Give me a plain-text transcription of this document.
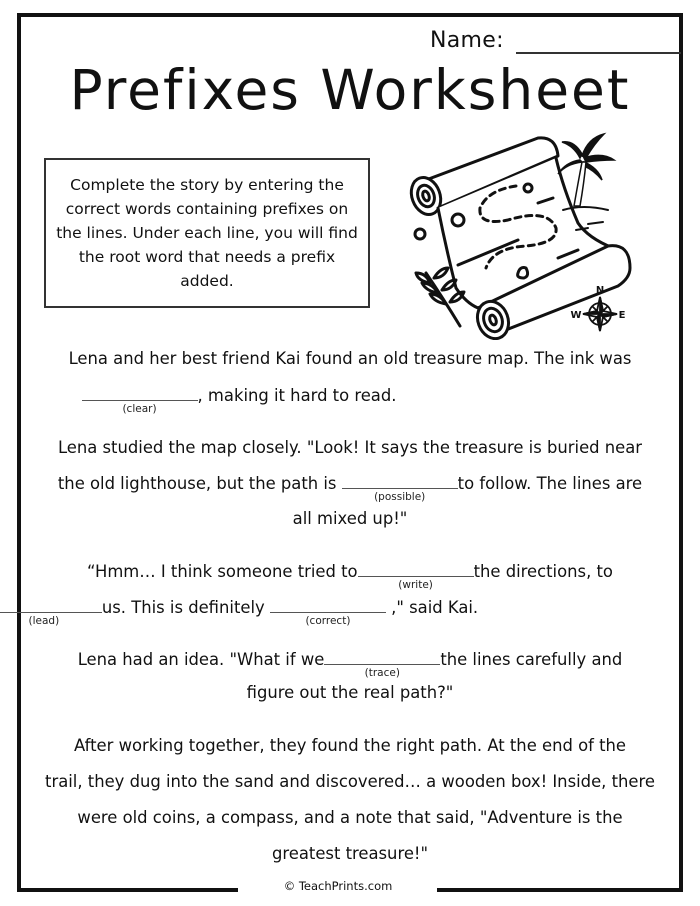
Name:
Prefixes Worksheet
Complete the story by entering the correct words containing prefixes on the lines. Under each line, you will find the root word that needs a prefix added.
N
E
W
Lena and her best friend Kai found an old treasure map. The ink was
(clear)
, making it hard to read.
Lena studied the map closely. "Look! It says the treasure is buried near
the old lighthouse, but the path is
(possible)
to follow. The lines are
all mixed up!"
“Hmm… I think someone tried to
(write)
the directions, to
(lead)
us. This is definitely
(correct)
," said Kai.
Lena had an idea. "What if we
(trace)
the lines carefully and
figure out the real path?"
After working together, they found the right path. At the end of the
trail, they dug into the sand and discovered… a wooden box! Inside, there
were old coins, a compass, and a note that said, "Adventure is the
greatest treasure!"
© TeachPrints.com
